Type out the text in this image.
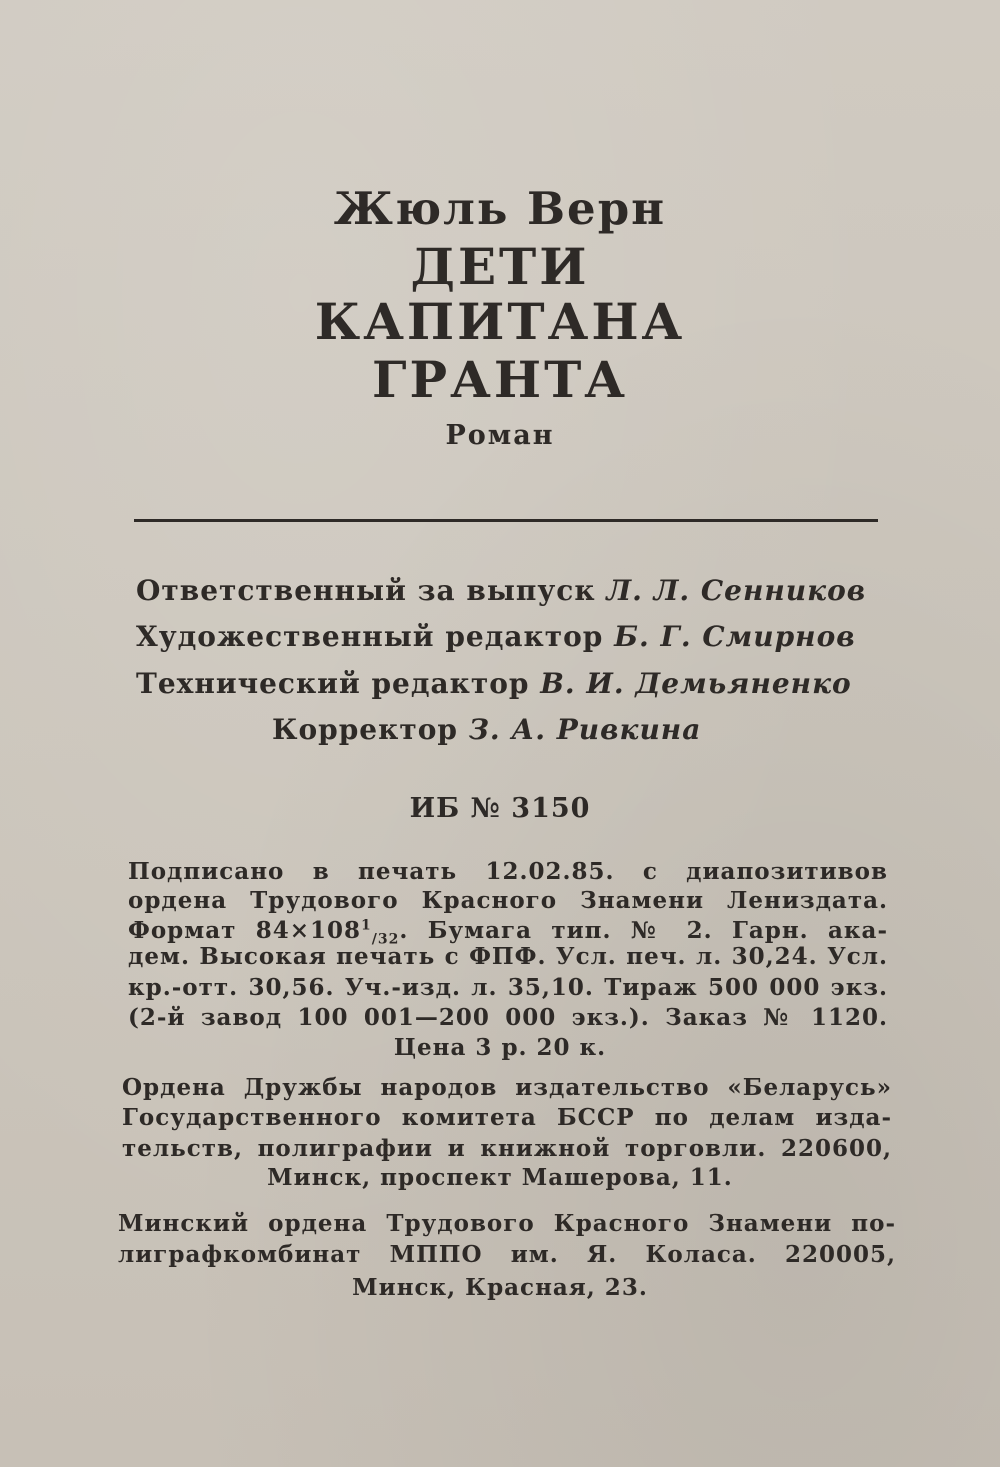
Жюль Верн
ДЕТИ
КАПИТАНА
ГРАНТА
Роман
Ответственный за выпуск Л. Л. Сенников
Художественный редактор Б. Г. Смирнов
Технический редактор В. И. Демьяненко
Корректор З. А. Ривкина
ИБ № 3150
Подписано в печать 12.02.85. с диапозитивов
ордена Трудового Красного Знамени Лениздата.
Формат $84\times 108^1_{/32}$. Бумага тип. № 2. Гарн. ака-
дем. Высокая печать с ФПФ. Усл. печ. л. 30,24. Усл.
кр.-отт. 30,56. Уч.-изд. л. 35,10. Тираж 500 000 экз.
(2-й завод 100 001—200 000 экз.). Заказ № 1120.
Цена 3 р. 20 к.
Ордена Дружбы народов издательство «Беларусь»
Государственного комитета БССР по делам изда-
тельств, полиграфии и книжной торговли. 220600,
Минск, проспект Машерова, 11.
Минский ордена Трудового Красного Знамени по-
лиграфкомбинат МППО им. Я. Коласа. 220005,
Минск, Красная, 23.
